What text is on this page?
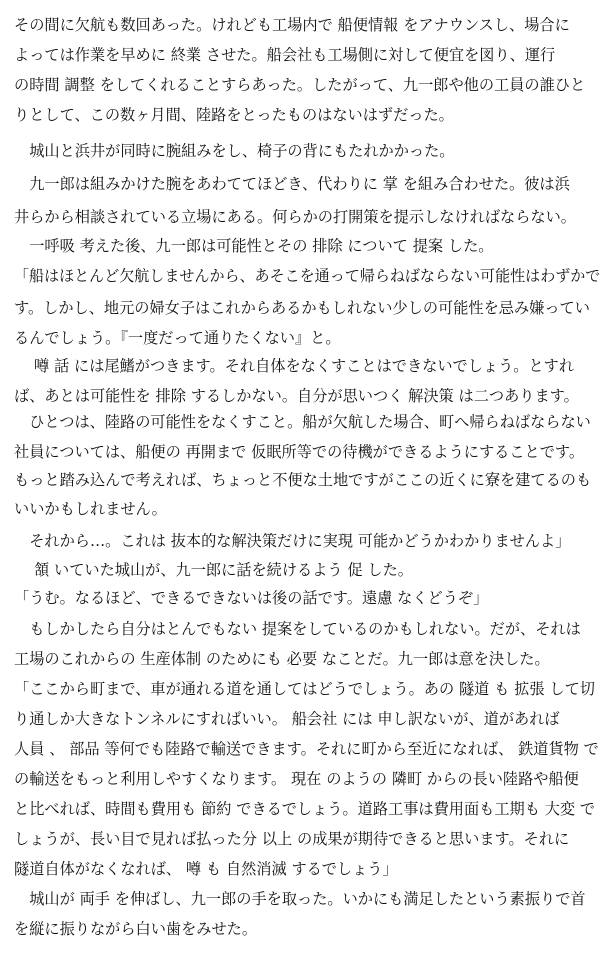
その間に欠航も数回あった。けれども工場内で 船便情報 をアナウンスし、場合に
よっては作業を早めに 終業 させた。船会社も工場側に対して便宜を図り、運行
の時間 調整 をしてくれることすらあった。したがって、九一郎や他の工員の誰ひと
りとして、この数ヶ月間、陸路をとったものはないはずだった。
　城山と浜井が同時に腕組みをし、椅子の背にもたれかかった。
　九一郎は組みかけた腕をあわててほどき、代わりに 掌 を組み合わせた。彼は浜
井らから相談されている立場にある。何らかの打開策を提示しなければならない。
　一呼吸 考えた後、九一郎は可能性とその 排除 について 提案 した。
「船はほとんど欠航しませんから、あそこを通って帰らねばならない可能性はわずかで
す。しかし、地元の婦女子はこれからあるかもしれない少しの可能性を忌み嫌ってい
るんでしょう。『一度だって通りたくない』と。
　 噂 話 には尾鰭がつきます。それ自体をなくすことはできないでしょう。とすれ
ば、あとは可能性を 排除 するしかない。自分が思いつく 解決策 は二つあります。
　ひとつは、陸路の可能性をなくすこと。船が欠航した場合、町へ帰らねばならない
社員については、船便の 再開まで 仮眠所等での待機ができるようにすることです。
もっと踏み込んで考えれば、ちょっと不便な土地ですがここの近くに寮を建てるのも
いいかもしれません。
　それから…。これは 抜本的な解決策だけに実現 可能かどうかわかりませんよ」
　 頷 いていた城山が、九一郎に話を続けるよう 促 した。
「うむ。なるほど、できるできないは後の話です。遠慮 なくどうぞ」
　もしかしたら自分はとんでもない 提案をしているのかもしれない。だが、それは
工場のこれからの 生産体制 のためにも 必要 なことだ。九一郎は意を決した。
「ここから町まで、車が通れる道を通してはどうでしょう。あの 隧道 も 拡張 して切
り通しか大きなトンネルにすればいい。 船会社 には 申し訳ないが、道があれば
人員 、 部品 等何でも陸路で輸送できます。それに町から至近になれば、 鉄道貨物 で
の輸送をもっと利用しやすくなります。 現在 のようの 隣町 からの長い陸路や船便
と比べれば、時間も費用も 節約 できるでしょう。道路工事は費用面も工期も 大変 で
しょうが、長い目で見れば払った分 以上 の成果が期待できると思います。それに
隧道自体がなくなれば、 噂 も 自然消滅 するでしょう」
　城山が 両手 を伸ばし、九一郎の手を取った。いかにも満足したという素振りで首
を縦に振りながら白い歯をみせた。
